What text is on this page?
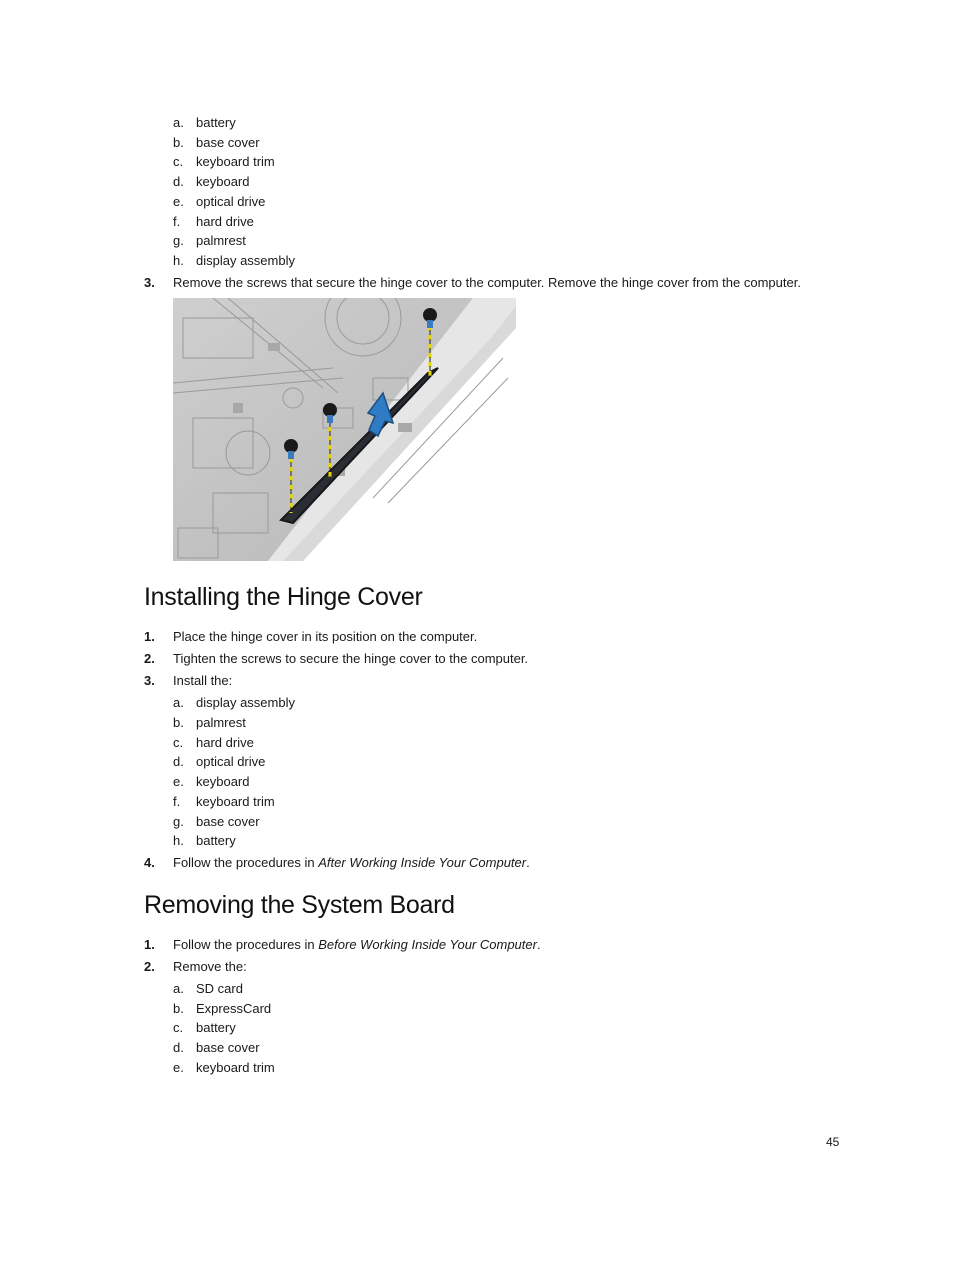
a. battery
b. base cover
c. keyboard trim
d. keyboard
e. optical drive
f. hard drive
g. palmrest
h. display assembly
3. Remove the screws that secure the hinge cover to the computer. Remove the hinge cover from the computer.
Installing the Hinge Cover
1. Place the hinge cover in its position on the computer.
2. Tighten the screws to secure the hinge cover to the computer.
3. Install the:
a. display assembly
b. palmrest
c. hard drive
d. optical drive
e. keyboard
f. keyboard trim
g. base cover
h. battery
4. Follow the procedures in After Working Inside Your Computer.
Removing the System Board
1. Follow the procedures in Before Working Inside Your Computer.
2. Remove the:
a. SD card
b. ExpressCard
c. battery
d. base cover
e. keyboard trim
45
